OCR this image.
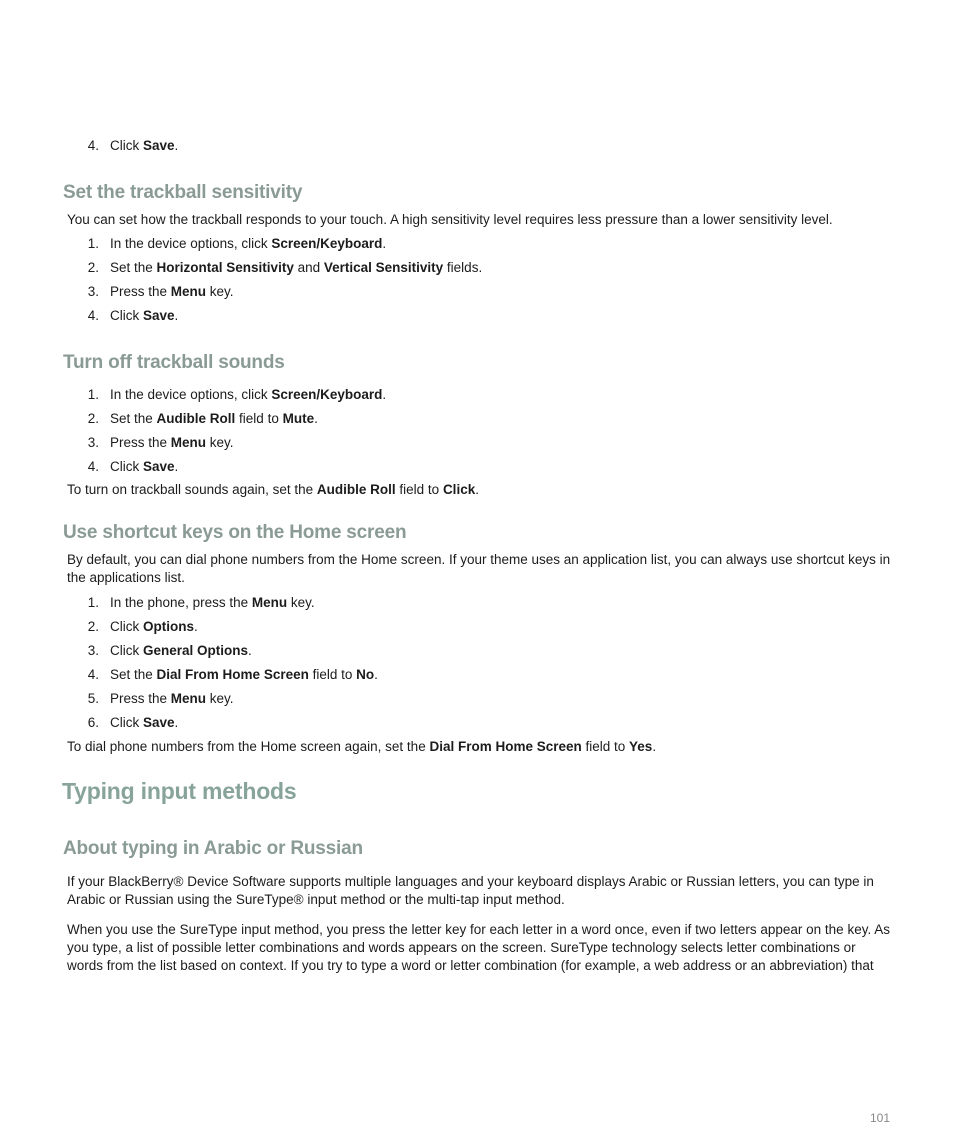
4. Click Save.
Set the trackball sensitivity
You can set how the trackball responds to your touch. A high sensitivity level requires less pressure than a lower sensitivity level.
1. In the device options, click Screen/Keyboard.
2. Set the Horizontal Sensitivity and Vertical Sensitivity fields.
3. Press the Menu key.
4. Click Save.
Turn off trackball sounds
1. In the device options, click Screen/Keyboard.
2. Set the Audible Roll field to Mute.
3. Press the Menu key.
4. Click Save.
To turn on trackball sounds again, set the Audible Roll field to Click.
Use shortcut keys on the Home screen
By default, you can dial phone numbers from the Home screen. If your theme uses an application list, you can always use shortcut keys in the applications list.
1. In the phone, press the Menu key.
2. Click Options.
3. Click General Options.
4. Set the Dial From Home Screen field to No.
5. Press the Menu key.
6. Click Save.
To dial phone numbers from the Home screen again, set the Dial From Home Screen field to Yes.
Typing input methods
About typing in Arabic or Russian
If your BlackBerry® Device Software supports multiple languages and your keyboard displays Arabic or Russian letters, you can type in Arabic or Russian using the SureType® input method or the multi-tap input method.
When you use the SureType input method, you press the letter key for each letter in a word once, even if two letters appear on the key. As you type, a list of possible letter combinations and words appears on the screen. SureType technology selects letter combinations or words from the list based on context. If you try to type a word or letter combination (for example, a web address or an abbreviation) that
101
